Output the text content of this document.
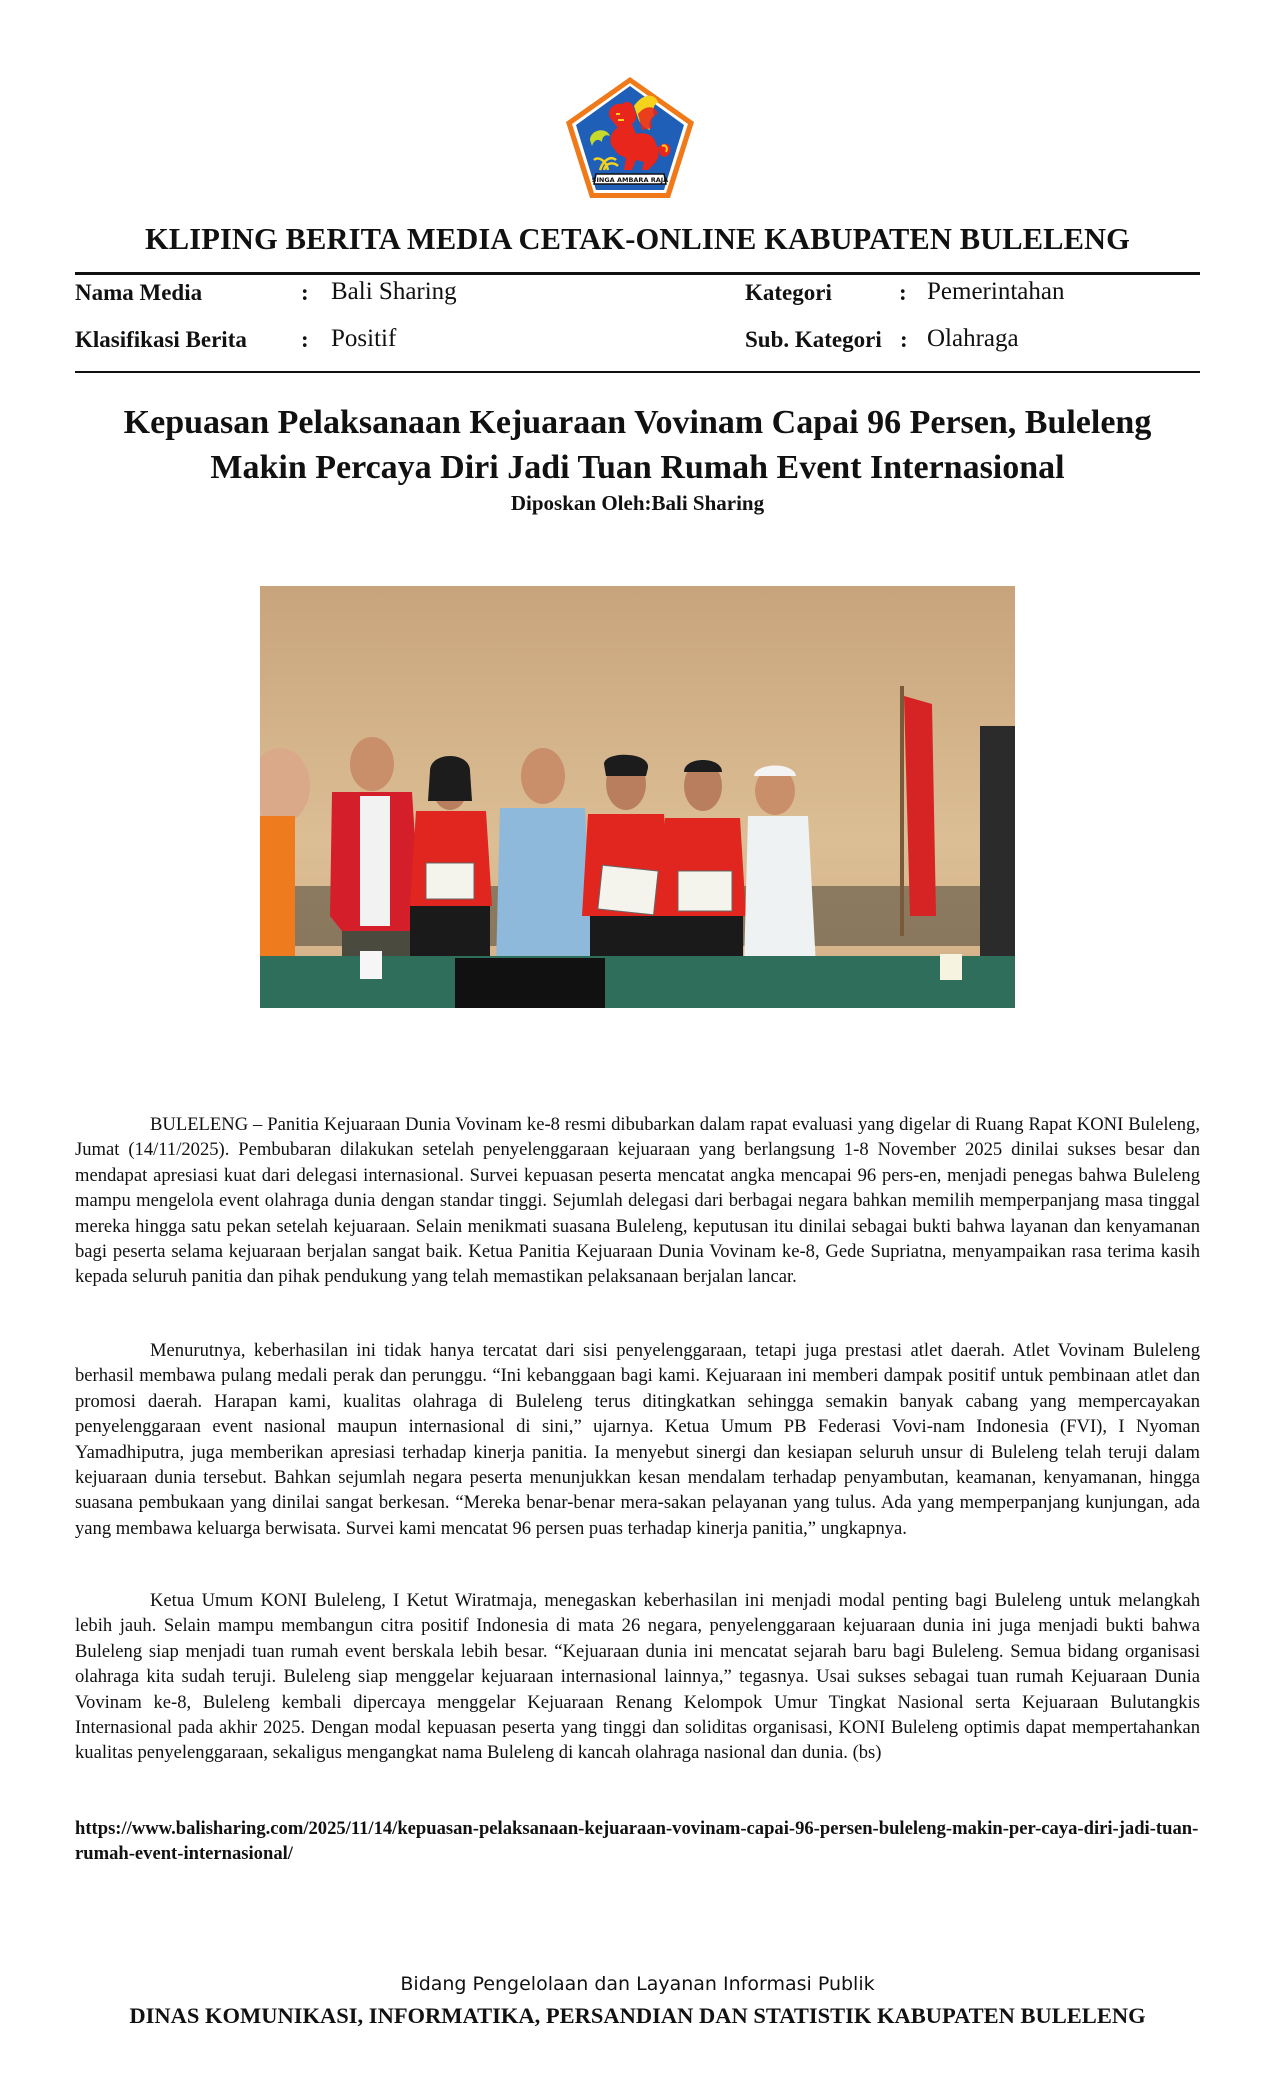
SINGA AMBARA RAJA
KLIPING BERITA MEDIA CETAK-ONLINE KABUPATEN BULELENG
Nama Media	: Bali Sharing
Klasifikasi Berita : Positif
Kategori	: Pemerintahan
Sub. Kategori : Olahraga
Kepuasan Pelaksanaan Kejuaraan Vovinam Capai 96 Persen, Buleleng
Makin Percaya Diri Jadi Tuan Rumah Event Internasional
Diposkan Oleh:Bali Sharing
BULELENG – Panitia Kejuaraan Dunia Vovinam ke-8 resmi dibubarkan dalam rapat evaluasi yang digelar di Ruang Rapat KONI Buleleng, Jumat (14/11/2025). Pembubaran dilakukan setelah penyelenggaraan kejuaraan yang berlangsung 1-8 November 2025 dinilai sukses besar dan mendapat apresiasi kuat dari delegasi internasional. Survei kepuasan peserta mencatat angka mencapai 96 pers-en, menjadi penegas bahwa Buleleng mampu mengelola event olahraga dunia dengan standar tinggi. Sejumlah delegasi dari berbagai negara bahkan memilih memperpanjang masa tinggal mereka hingga satu pekan setelah kejuaraan. Selain menikmati suasana Buleleng, keputusan itu dinilai sebagai bukti bahwa layanan dan kenyamanan bagi peserta selama kejuaraan berjalan sangat baik. Ketua Panitia Kejuaraan Dunia Vovinam ke-8, Gede Supriatna, menyampaikan rasa terima kasih kepada seluruh panitia dan pihak pendukung yang telah memastikan pelaksanaan berjalan lancar.
Menurutnya, keberhasilan ini tidak hanya tercatat dari sisi penyelenggaraan, tetapi juga prestasi atlet daerah. Atlet Vovinam Buleleng berhasil membawa pulang medali perak dan perunggu. “Ini kebanggaan bagi kami. Kejuaraan ini memberi dampak positif untuk pembinaan atlet dan promosi daerah. Harapan kami, kualitas olahraga di Buleleng terus ditingkatkan sehingga semakin banyak cabang yang mempercayakan penyelenggaraan event nasional maupun internasional di sini,” ujarnya. Ketua Umum PB Federasi Vovi-nam Indonesia (FVI), I Nyoman Yamadhiputra, juga memberikan apresiasi terhadap kinerja panitia. Ia menyebut sinergi dan kesiapan seluruh unsur di Buleleng telah teruji dalam kejuaraan dunia tersebut. Bahkan sejumlah negara peserta menunjukkan kesan mendalam terhadap penyambutan, keamanan, kenyamanan, hingga suasana pembukaan yang dinilai sangat berkesan. “Mereka benar-benar mera-sakan pelayanan yang tulus. Ada yang memperpanjang kunjungan, ada yang membawa keluarga berwisata. Survei kami mencatat 96 persen puas terhadap kinerja panitia,” ungkapnya.
Ketua Umum KONI Buleleng, I Ketut Wiratmaja, menegaskan keberhasilan ini menjadi modal penting bagi Buleleng untuk melangkah lebih jauh. Selain mampu membangun citra positif Indonesia di mata 26 negara, penyelenggaraan kejuaraan dunia ini juga menjadi bukti bahwa Buleleng siap menjadi tuan rumah event berskala lebih besar. “Kejuaraan dunia ini mencatat sejarah baru bagi Buleleng. Semua bidang organisasi olahraga kita sudah teruji. Buleleng siap menggelar kejuaraan internasional lainnya,” tegasnya. Usai sukses sebagai tuan rumah Kejuaraan Dunia Vovinam ke-8, Buleleng kembali dipercaya menggelar Kejuaraan Renang Kelompok Umur Tingkat Nasional serta Kejuaraan Bulutangkis Internasional pada akhir 2025. Dengan modal kepuasan peserta yang tinggi dan soliditas organisasi, KONI Buleleng optimis dapat mempertahankan kualitas penyelenggaraan, sekaligus mengangkat nama Buleleng di kancah olahraga nasional dan dunia. (bs)
https://www.balisharing.com/2025/11/14/kepuasan-pelaksanaan-kejuaraan-vovinam-capai-96-persen-buleleng-makin-per-caya-diri-jadi-tuan-rumah-event-internasional/
Bidang Pengelolaan dan Layanan Informasi Publik
DINAS KOMUNIKASI, INFORMATIKA, PERSANDIAN DAN STATISTIK KABUPATEN BULELENG
